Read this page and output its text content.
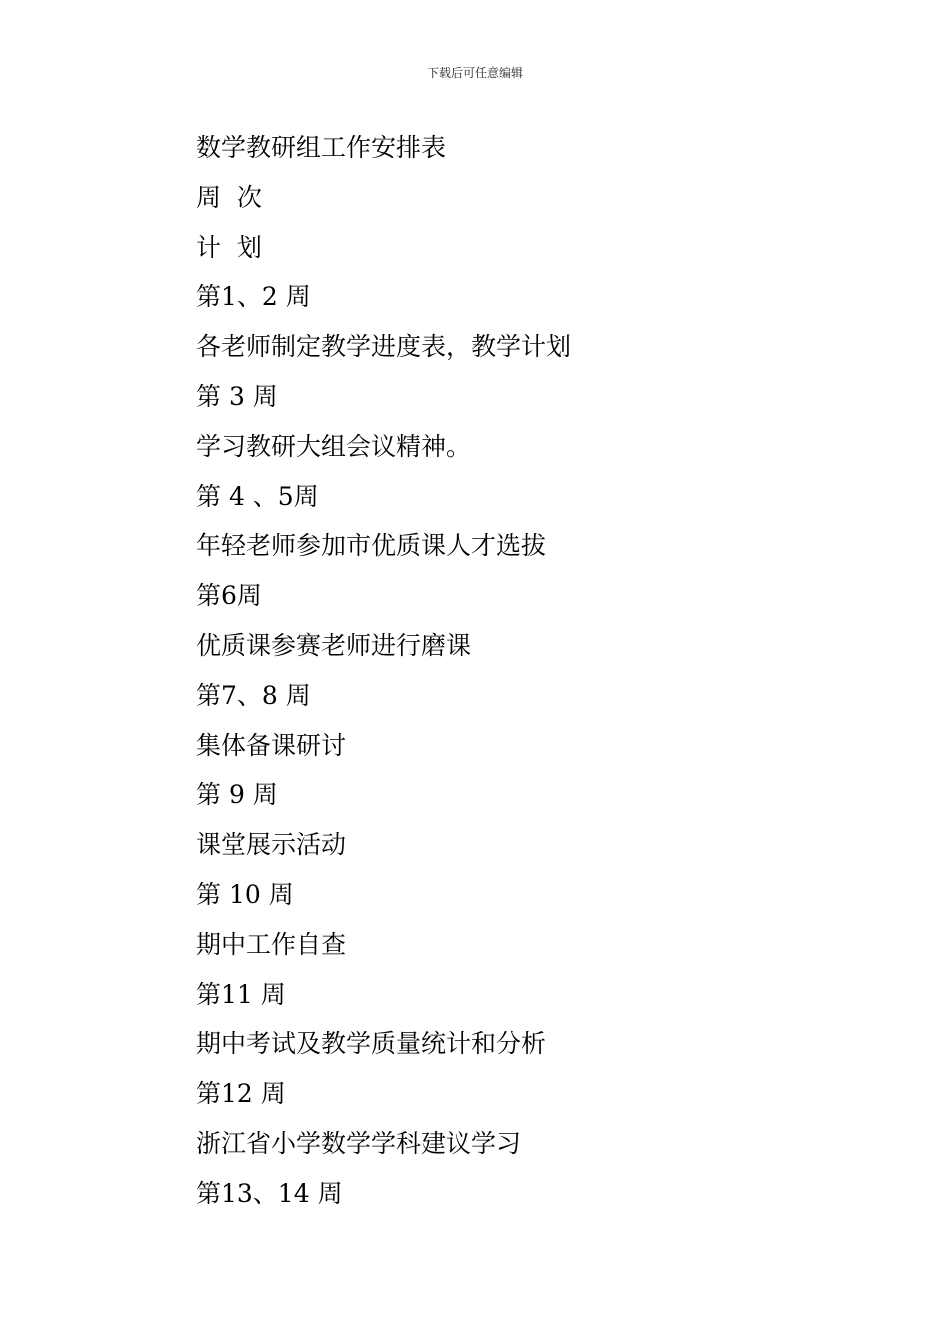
下载后可任意编辑
数学教研组工作安排表
周  次
计  划
第1、2 周
各老师制定教学进度表，教学计划
第 3 周
学习教研大组会议精神。
第 4 、5周
年轻老师参加市优质课人才选拔
第6周
优质课参赛老师进行磨课
第7、8 周
集体备课研讨
第 9 周
课堂展示活动
第 10 周
期中工作自查
第11 周
期中考试及教学质量统计和分析
第12 周
浙江省小学数学学科建议学习
第13、14 周
